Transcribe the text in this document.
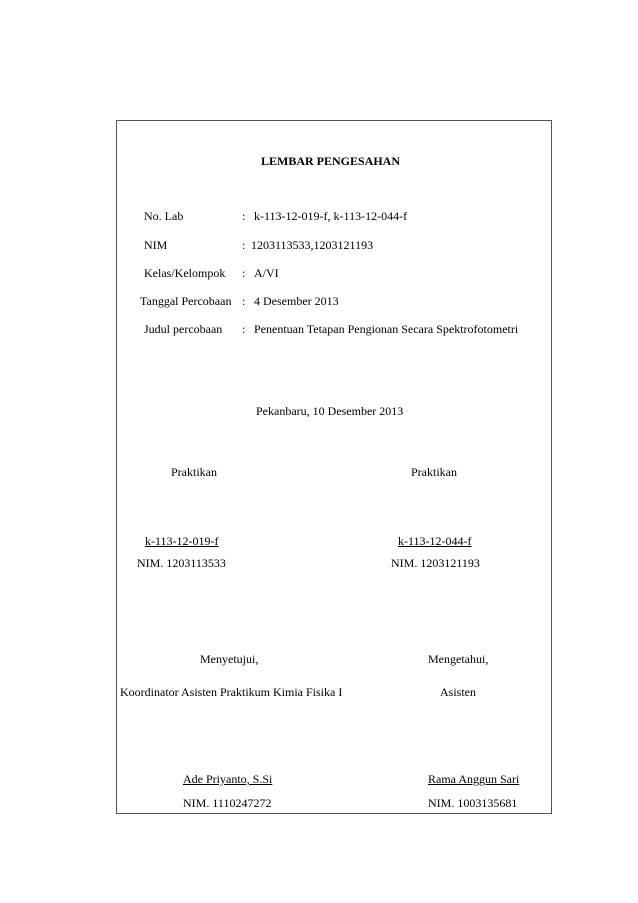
LEMBAR PENGESAHAN
No. Lab	: k-113-12-019-f, k-113-12-044-f
NIM	: 1203113533,1203121193
Kelas/Kelompok : A/VI
Tanggal Percobaan : 4 Desember 2013
Judul percobaan : Penentuan Tetapan Pengionan Secara Spektrofotometri
Pekanbaru, 10 Desember 2013
Praktikan	Praktikan
k-113-12-019-f	k-113-12-044-f
NIM. 1203113533	NIM. 1203121193
Menyetujui,	Mengetahui,
Koordinator Asisten Praktikum Kimia Fisika I	Asisten
Ade Priyanto, S.Si	Rama Anggun Sari
NIM. 1110247272	NIM. 1003135681
